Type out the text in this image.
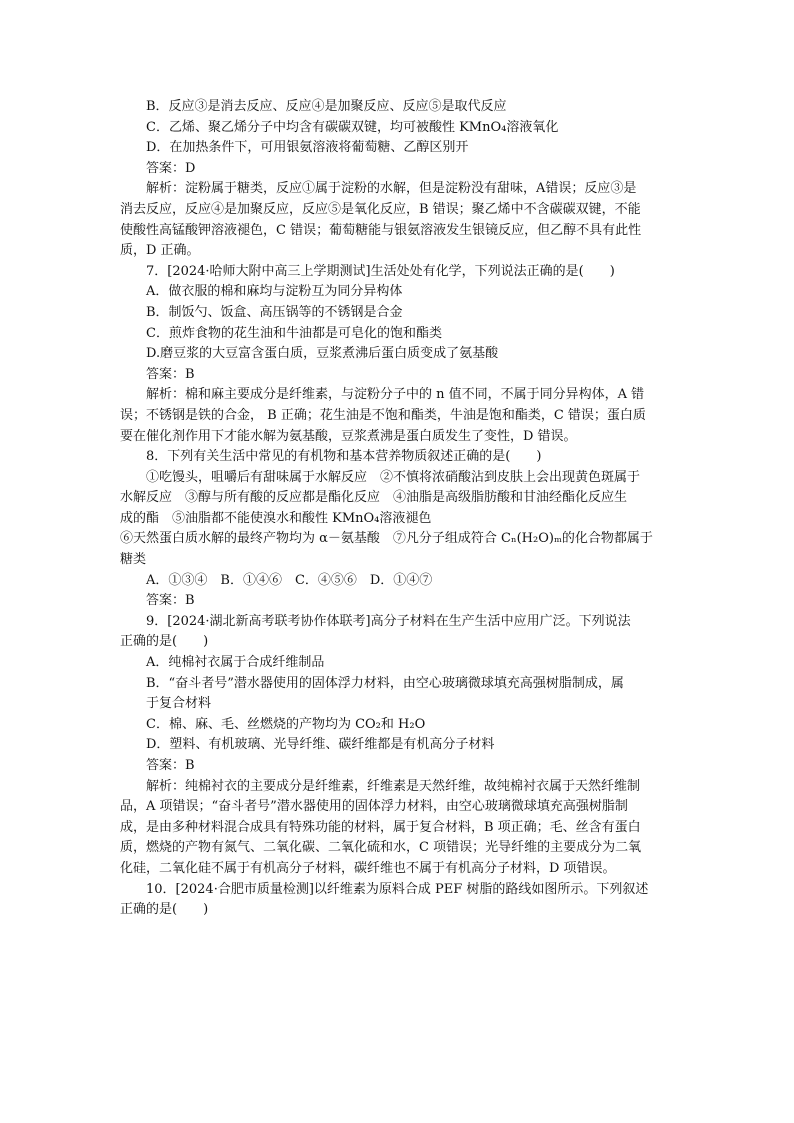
B．反应③是消去反应、反应④是加聚反应、反应⑤是取代反应
C．乙烯、聚乙烯分子中均含有碳碳双键，均可被酸性 KMnO₄溶液氧化
D．在加热条件下，可用银氨溶液将葡萄糖、乙醇区别开
答案：D
解析：淀粉属于糖类，反应①属于淀粉的水解，但是淀粉没有甜味，A错误；反应③是
消去反应，反应④是加聚反应，反应⑤是氧化反应，B 错误；聚乙烯中不含碳碳双键，不能
使酸性高锰酸钾溶液褪色，C 错误；葡萄糖能与银氨溶液发生银镜反应，但乙醇不具有此性
质，D 正确。
7．[2024·哈师大附中高三上学期测试]生活处处有化学，下列说法正确的是(　　)
A．做衣服的棉和麻均与淀粉互为同分异构体
B．制饭勺、饭盒、高压锅等的不锈钢是合金
C．煎炸食物的花生油和牛油都是可皂化的饱和酯类
D.磨豆浆的大豆富含蛋白质，豆浆煮沸后蛋白质变成了氨基酸
答案：B
解析：棉和麻主要成分是纤维素，与淀粉分子中的 n 值不同，不属于同分异构体，A 错
误；不锈钢是铁的合金， B 正确；花生油是不饱和酯类，牛油是饱和酯类，C 错误；蛋白质
要在催化剂作用下才能水解为氨基酸，豆浆煮沸是蛋白质发生了变性，D 错误。
8．下列有关生活中常见的有机物和基本营养物质叙述正确的是(　　)
①吃馒头，咀嚼后有甜味属于水解反应　②不慎将浓硝酸沾到皮肤上会出现黄色斑属于
水解反应　③醇与所有酸的反应都是酯化反应　④油脂是高级脂肪酸和甘油经酯化反应生
成的酯　⑤油脂都不能使溴水和酸性 KMnO₄溶液褪色
⑥天然蛋白质水解的最终产物均为 α－氨基酸　⑦凡分子组成符合 Cₙ(H₂O)ₘ的化合物都属于
糖类
A．①③④　B．①④⑥　C．④⑤⑥　D．①④⑦
答案：B
9．[2024·湖北新高考联考协作体联考]高分子材料在生产生活中应用广泛。下列说法
正确的是(　　)
A．纯棉衬衣属于合成纤维制品
B．“奋斗者号”潜水器使用的固体浮力材料，由空心玻璃微球填充高强树脂制成，属
于复合材料
C．棉、麻、毛、丝燃烧的产物均为 CO₂和 H₂O
D．塑料、有机玻璃、光导纤维、碳纤维都是有机高分子材料
答案：B
解析：纯棉衬衣的主要成分是纤维素，纤维素是天然纤维，故纯棉衬衣属于天然纤维制
品，A 项错误；“奋斗者号”潜水器使用的固体浮力材料，由空心玻璃微球填充高强树脂制
成，是由多种材料混合成具有特殊功能的材料，属于复合材料，B 项正确；毛、丝含有蛋白
质，燃烧的产物有氮气、二氧化碳、二氧化硫和水，C 项错误；光导纤维的主要成分为二氧
化硅，二氧化硅不属于有机高分子材料，碳纤维也不属于有机高分子材料，D 项错误。
10．[2024·合肥市质量检测]以纤维素为原料合成 PEF 树脂的路线如图所示。下列叙述
正确的是(　　)
